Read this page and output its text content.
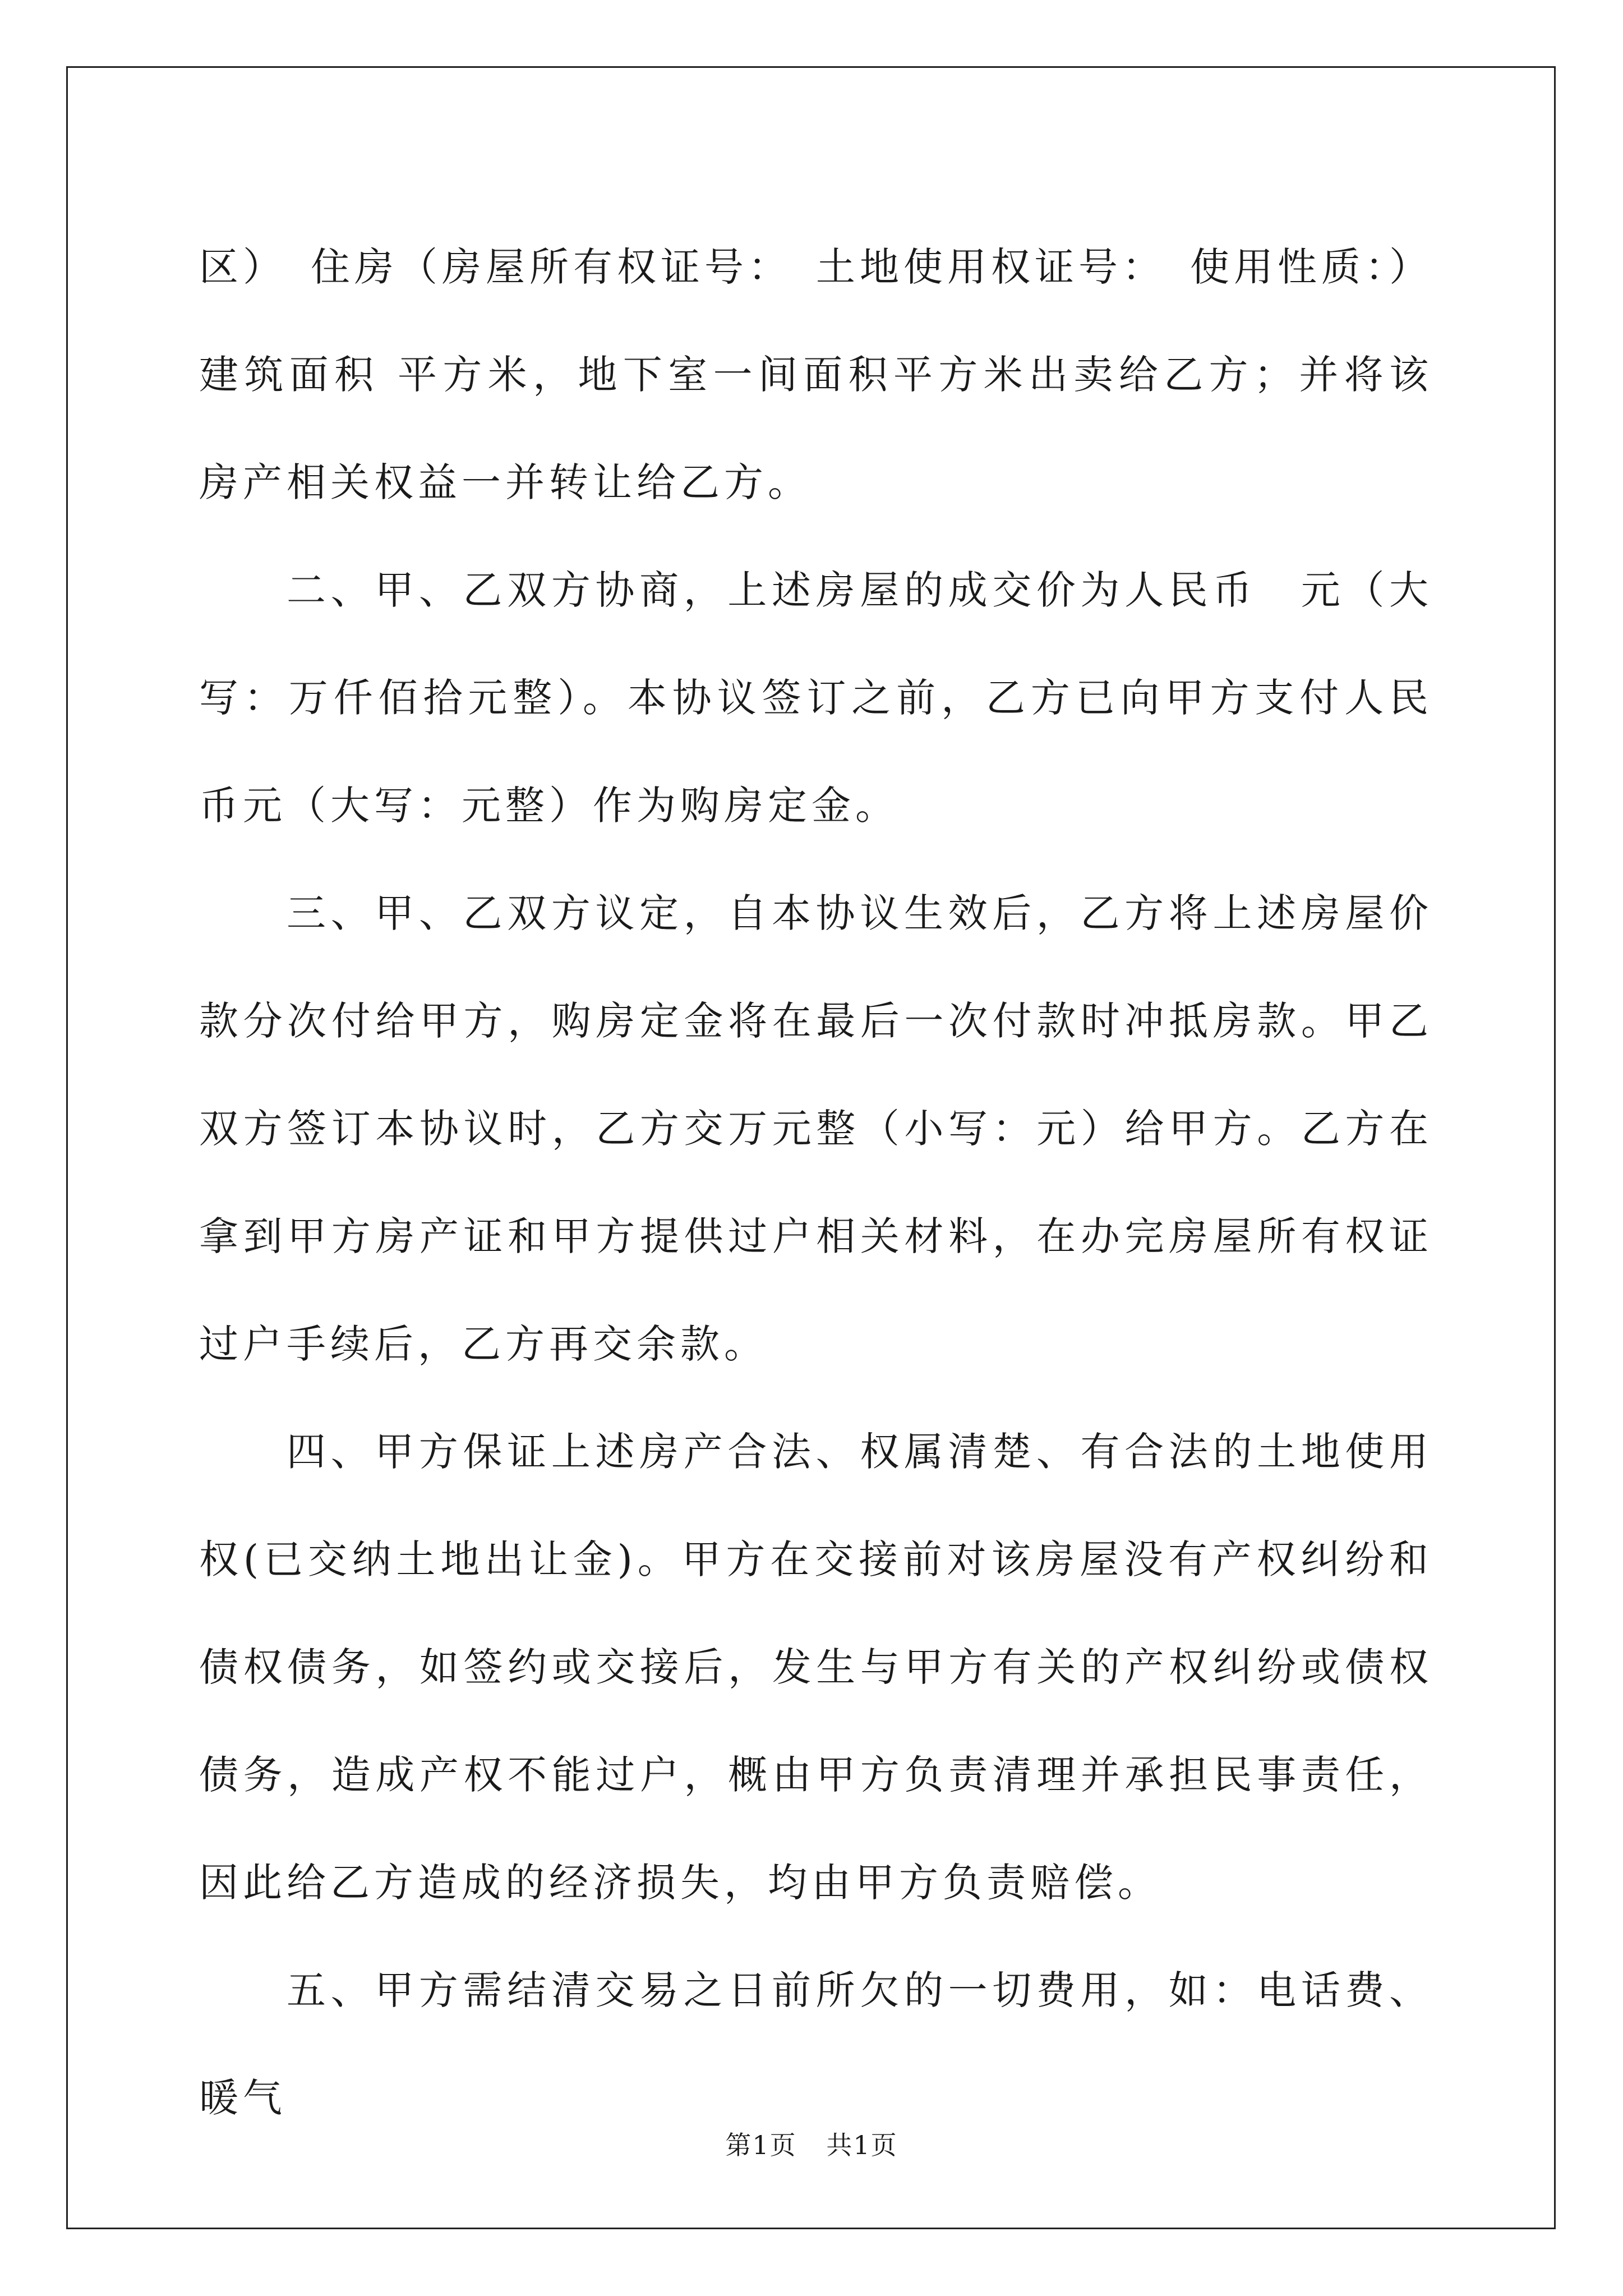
区）　住房（房屋所有权证号：　土地使用权证号：　使用性质：）建筑面积 平方米，地下室一间面积平方米出卖给乙方；并将该房产相关权益一并转让给乙方。

二、甲、乙双方协商，上述房屋的成交价为人民币　元（大写：万仟佰拾元整）。本协议签订之前，乙方已向甲方支付人民币元（大写：元整）作为购房定金。

三、甲、乙双方议定，自本协议生效后，乙方将上述房屋价款分次付给甲方，购房定金将在最后一次付款时冲抵房款。甲乙双方签订本协议时，乙方交万元整（小写：元）给甲方。乙方在拿到甲方房产证和甲方提供过户相关材料，在办完房屋所有权证过户手续后，乙方再交余款。

四、甲方保证上述房产合法、权属清楚、有合法的土地使用权(已交纳土地出让金)。甲方在交接前对该房屋没有产权纠纷和债权债务，如签约或交接后，发生与甲方有关的产权纠纷或债权债务，造成产权不能过户，概由甲方负责清理并承担民事责任，因此给乙方造成的经济损失，均由甲方负责赔偿。

五、甲方需结清交易之日前所欠的一切费用，如：电话费、暖气

第1页 共1页
